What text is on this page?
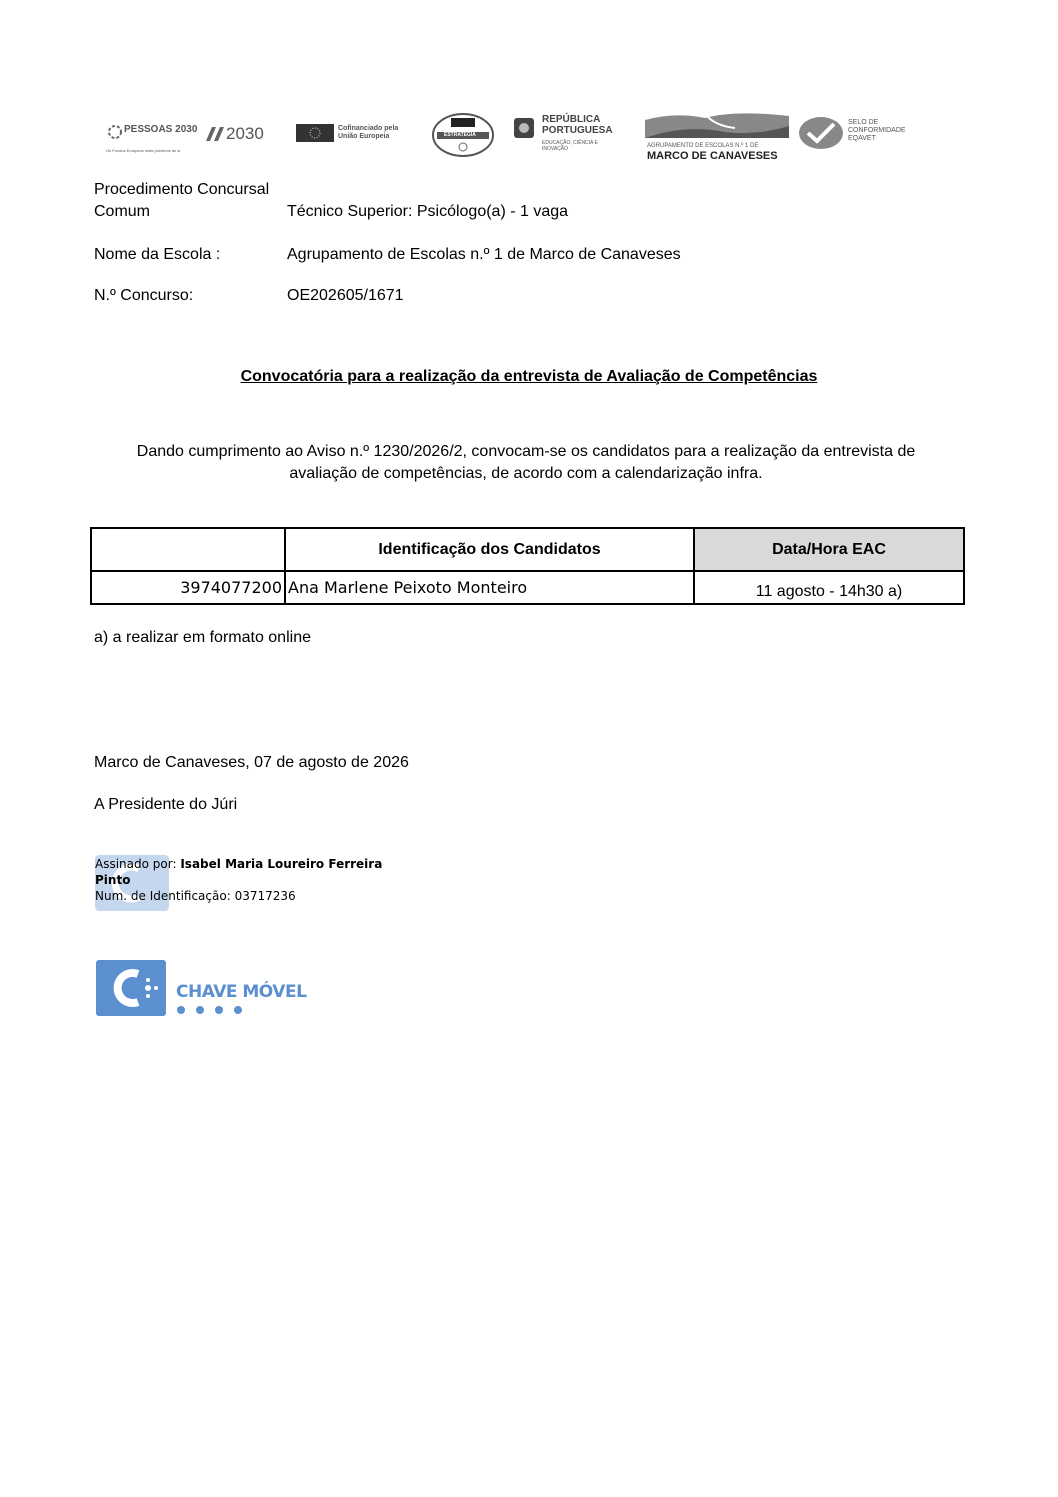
PESSOAS 2030
Os Fundos Europeus mais próximos de si
2030	Cofinanciado pela União Europeia	ESTRATÉGIA
REPÚBLICA PORTUGUESA
EDUCAÇÃO, CIÊNCIA E INOVAÇÃO	AGRUPAMENTO DE ESCOLAS N.º 1 DE
MARCO DE CANAVESES
SELO DE CONFORMIDADE EQAVET
Procedimento Concursal
Comum	Técnico Superior: Psicólogo(a) - 1 vaga
Nome da Escola :	Agrupamento de Escolas n.º 1 de Marco de Canaveses
N.º Concurso:	OE202605/1671
Convocatória para a realização da entrevista de Avaliação de Competências
Dando cumprimento ao Aviso n.º 1230/2026/2, convocam-se os candidatos para a realização da entrevista de
avaliação de competências, de acordo com a calendarização infra.
	Identificação dos Candidatos	Data/Hora EAC
3974077200	Ana Marlene Peixoto Monteiro	11 agosto - 14h30 a)
a) a realizar em formato online
Marco de Canaveses, 07 de agosto de 2026
A Presidente do Júri
Assinado por: Isabel Maria Loureiro Ferreira
Pinto
Num. de Identificação: 03717236
CHAVE MÓVEL
